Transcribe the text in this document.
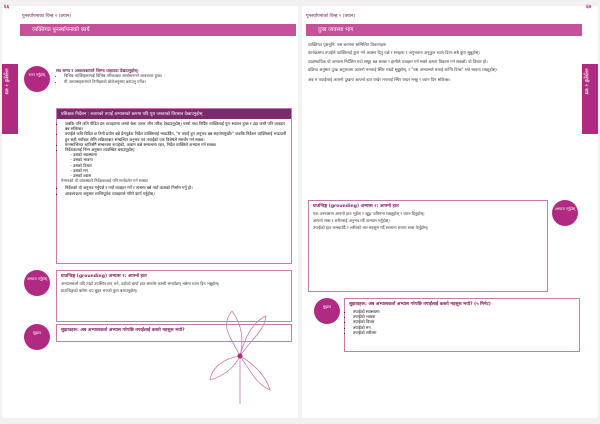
६६
पुनर्स्थापनाका चिन्ह २ (क्यान)
व्यक्तिगत पुनर्स्थापनाको कार्य
अनुसूची २ सत्र	मनन गर्नुहोस्
सत्र समय र आवश्यकताले जिम्मा थाहाउदा देखाउनुहोस्।
• विभिन्न व्यक्तिहरूलाई विभिन्न तरिकाबाट सम्बोधनगर्न आवश्यक हुन्छ।
• यी अभ्यासहरूमध्ये तिनीहरूले बोलेअनुसार बताउनु पर्नेछ।
प्रशिक्षक निर्देशन : बजारको तपाईं अभ्यासको क्रममा यदि पूरा जनताको विरासत देखाउनुहोस्
• जबकि पनि जति पीडित हरु व्यवहारमा जस्तो बेला आएर जीन तरिक देखाउनुहोस्। यस्तो तथ्य निर्दिष्ट व्यक्तिलाई पुनः स्थापन हुन्छ र उहा जस्तै पनि व्यवहार बन्न सकिन्छ।
• तपाईले कति विदित छ तिनी प्रयोग बन्ने प्रेमपूर्वक निर्देश व्यक्तिलाई भाडाउँदैन, "म तपाईं हुन अनुभव बन्न सहयोगमुखी।" जबकि निर्देशन व्यक्तिलाई भाडाउनी हुन सही नयाँबाट श्रेणि सक्रियाबाट सम्बन्धित अनुभव एवं तपाईंको एक विशेषले समर्थन गर्न सक्छ।
• मानसाभिलत शांतिसँगै सम्बन्धमा रूपहेको, आराम कन्ने सम्बन्धमा रहन, निर्देश व्यक्तिले अभ्यास गर्न सक्छ।
• निर्देशकलाई निम्न अनुसार व्यवस्थित बनाउनुहोस्:
- उसको स्वास्थ्यमा
- उसको भावना
- उसको विचार
- उसको मन
- उसको श्वास
टेन्सनको यो व्यवस्थाले निर्देशकलाई पनि मार्गदर्शन गर्न सक्छ।
• निर्देशको यो अनुभव गर्नुपर्छ र नयाँ व्यवहार गर्ने र त्यसमा बन्ने नयाँ कामको निर्माण गर्नु हो।
• आवश्यकता अनुसार शान्तिपूर्वक व्यवहारले गरिने कार्य गर्नुहोस्।
अभ्यास गर्नुहोस्	ग्राउन्डिङ्ग (grounding) अभ्यास १: आफ्नो हात
अभ्यासकर्ता यदि त्यहाँ उपस्थित छन् भने, उहाँको बायाँ हात समातेर कसरी समाउँछन् भन्नेमा ध्यान दिन भन्नुहोस्।
ग्राउन्डिङ्गको बारेमा थप बुझ्न भएको कुरा बताउनुहोस्।
सुझाव	सुझावहरू: अब अभ्यासकर्ता अभ्यास गरेपछि तपाईंलाई कस्तो महसुस भयो?
६७
पुनर्स्थापनाको चिन्ह २ (क्यान)
दुःख व्यवस्था भाग
अनुसूची २ सत्र
व्यक्तिगत पृष्ठभूमि: यस चरणमा सम्मिलित विवरणहरू
कार्यक्रममा तपाईंले व्यक्तिलाई कुरा गर्ने अवसर दिनु पर्छ र सम्झना र अनुभवमा अनुकूल ध्यान दिएर सबै कुरा सुन्नुहोस्।
व्यवस्थापिक यो अभ्यास निर्देशित गर्दा समूह बन्न सक्छ र हामीले व्यवहार गर्न सक्ने क्षमता विकास गर्न सक्छौं। यो विचार हो।
प्रक्रिया अनुसार दुःख अनुभवमा आफ्नो मनलाई स्थिर राख्दै सुन्नुहोस्, र "यस अभ्यासले मलाई शान्ति दिन्छ" भन्ने भावना राख्नुहोस्।
अब म तपाईंलाई आफ्नो दुखमा आफ्नो हात राखेर मनलाई स्थिर राख्न भन्छु र ध्यान दिन सकिन्छ।
ग्राउन्डिङ्ग (grounding) अभ्यास २: आफ्नो हात
एक अभ्यासमा आफ्नो हात भुइँमा र खुट्टा जमिनमा राख्नुहोस् र ध्यान दिनुहोस्।
आफ्नो सास र शरीरलाई अनुभव गर्दै अभ्यास गर्नुहोस्।
तपाईंको हात लम्ब्याउँदै र शरीरको भार महसुस गर्दै सामान्य रूपमा सास फेर्नुहोस्।
अभ्यास गर्नुहोस्
सुझाव	सुझावहरू: अब अभ्यासकर्ता अभ्यास गरेपछि तपाईंलाई कस्तो महसुस भयो? (५ मिनेट)
• तपाईंको स्वास्थ्यमा
• तपाईंको भावना
• तपाईंको विचार
• तपाईंको मन
• तपाईंको शरीरमा
